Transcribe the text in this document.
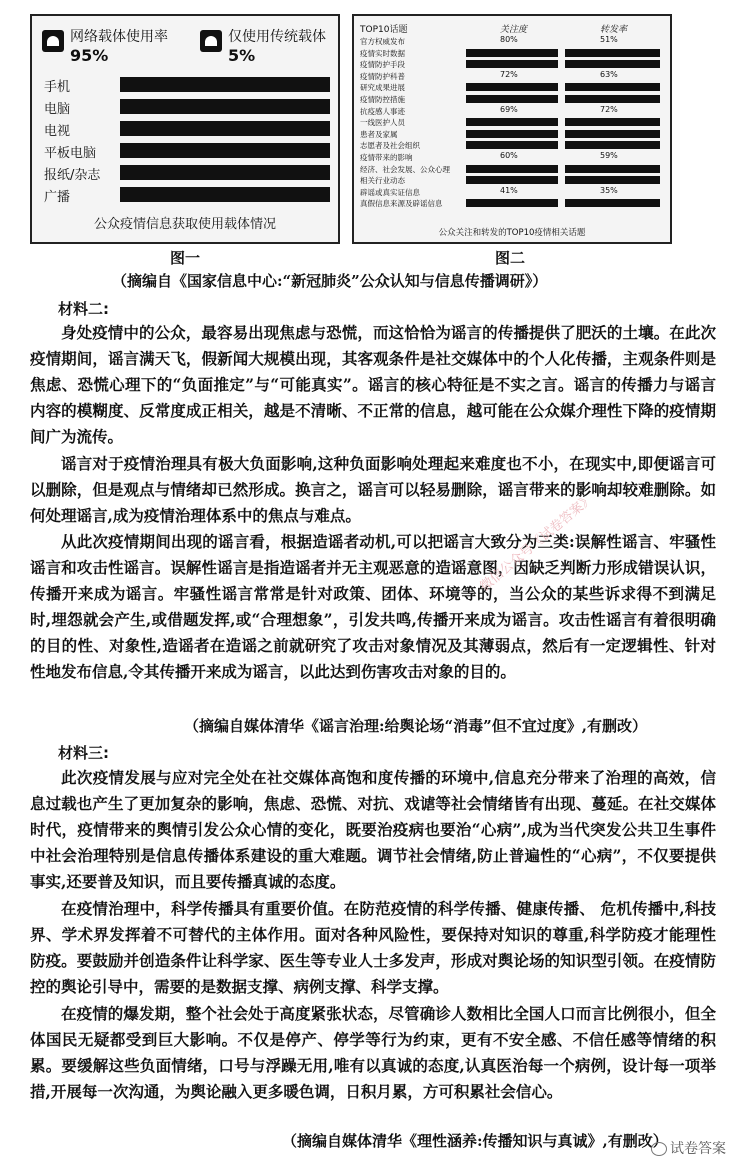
网络载体使用率
95%
仅使用传统载体
5%
手机
电脑
电视
平板电脑
报纸/杂志
广播
公众疫情信息获取使用载体情况
图一
TOP10话题	关注度	转发率
官方权威发布	80%	51%
疫情实时数据
疫情防护手段
疫情防护科普	72%	63%
研究成果进展
疫情防控措施
抗疫感人事迹	69%	72%
一线医护人员
患者及家属
志愿者及社会组织
疫情带来的影响	60%	59%
经济、社会发展、公众心理
相关行业动态
辟谣或真实证信息	41%	35%
真假信息来源及辟谣信息
公众关注和转发的TOP10疫情相关话题
图二
（摘编自《国家信息中心:“新冠肺炎”公众认知与信息传播调研》）
材料二:
身处疫情中的公众，最容易出现焦虑与恐慌，而这恰恰为谣言的传播提供了肥沃的土壤。在此次疫情期间，谣言满天飞，假新闻大规模出现，其客观条件是社交媒体中的个人化传播，主观条件则是焦虑、恐慌心理下的“负面推定”与“可能真实”。谣言的核心特征是不实之言。谣言的传播力与谣言内容的模糊度、反常度成正相关，越是不清晰、不正常的信息，越可能在公众媒介理性下降的疫情期间广为流传。
谣言对于疫情治理具有极大负面影响,这种负面影响处理起来难度也不小，在现实中,即便谣言可以删除，但是观点与情绪却已然形成。换言之，谣言可以轻易删除，谣言带来的影响却较难删除。如何处理谣言,成为疫情治理体系中的焦点与难点。
从此次疫情期间出现的谣言看，根据造谣者动机,可以把谣言大致分为三类:误解性谣言、牢骚性谣言和攻击性谣言。误解性谣言是指造谣者并无主观恶意的造谣意图，因缺乏判断力形成错误认识，传播开来成为谣言。牢骚性谣言常常是针对政策、团体、环境等的，当公众的某些诉求得不到满足时,埋怨就会产生,或借题发挥,或“合理想象”，引发共鸣,传播开来成为谣言。攻击性谣言有着很明确的目的性、对象性,造谣者在造谣之前就研究了攻击对象情况及其薄弱点，然后有一定逻辑性、针对性地发布信息,令其传播开来成为谣言，以此达到伤害攻击对象的目的。
（摘编自媒体清华《谣言治理:给舆论场“消毒”但不宜过度》,有删改）
材料三:
此次疫情发展与应对完全处在社交媒体高饱和度传播的环境中,信息充分带来了治理的高效，信息过载也产生了更加复杂的影响，焦虑、恐慌、对抗、戏谑等社会情绪皆有出现、蔓延。在社交媒体时代，疫情带来的舆情引发公众心情的变化，既要治疫病也要治“心病”,成为当代突发公共卫生事件中社会治理特别是信息传播体系建设的重大难题。调节社会情绪,防止普遍性的“心病”，不仅要提供事实,还要普及知识，而且要传播真诚的态度。
在疫情治理中，科学传播具有重要价值。在防范疫情的科学传播、健康传播、 危机传播中,科技界、学术界发挥着不可替代的主体作用。面对各种风险性，要保持对知识的尊重,科学防疫才能理性防疫。要鼓励并创造条件让科学家、医生等专业人士多发声，形成对舆论场的知识型引领。在疫情防控的舆论引导中，需要的是数据支撑、病例支撑、科学支撑。
在疫情的爆发期，整个社会处于高度紧张状态，尽管确诊人数相比全国人口而言比例很小，但全体国民无疑都受到巨大影响。不仅是停产、停学等行为约束，更有不安全感、不信任感等情绪的积累。要缓解这些负面情绪，口号与浮躁无用,唯有以真诚的态度,认真医治每一个病例，设计每一项举措,开展每一次沟通，为舆论融入更多暖色调，日积月累，方可积累社会信心。
（摘编自媒体清华《理性涵养:传播知识与真诚》,有删改）
微信公众号《试卷答案》
试卷答案
